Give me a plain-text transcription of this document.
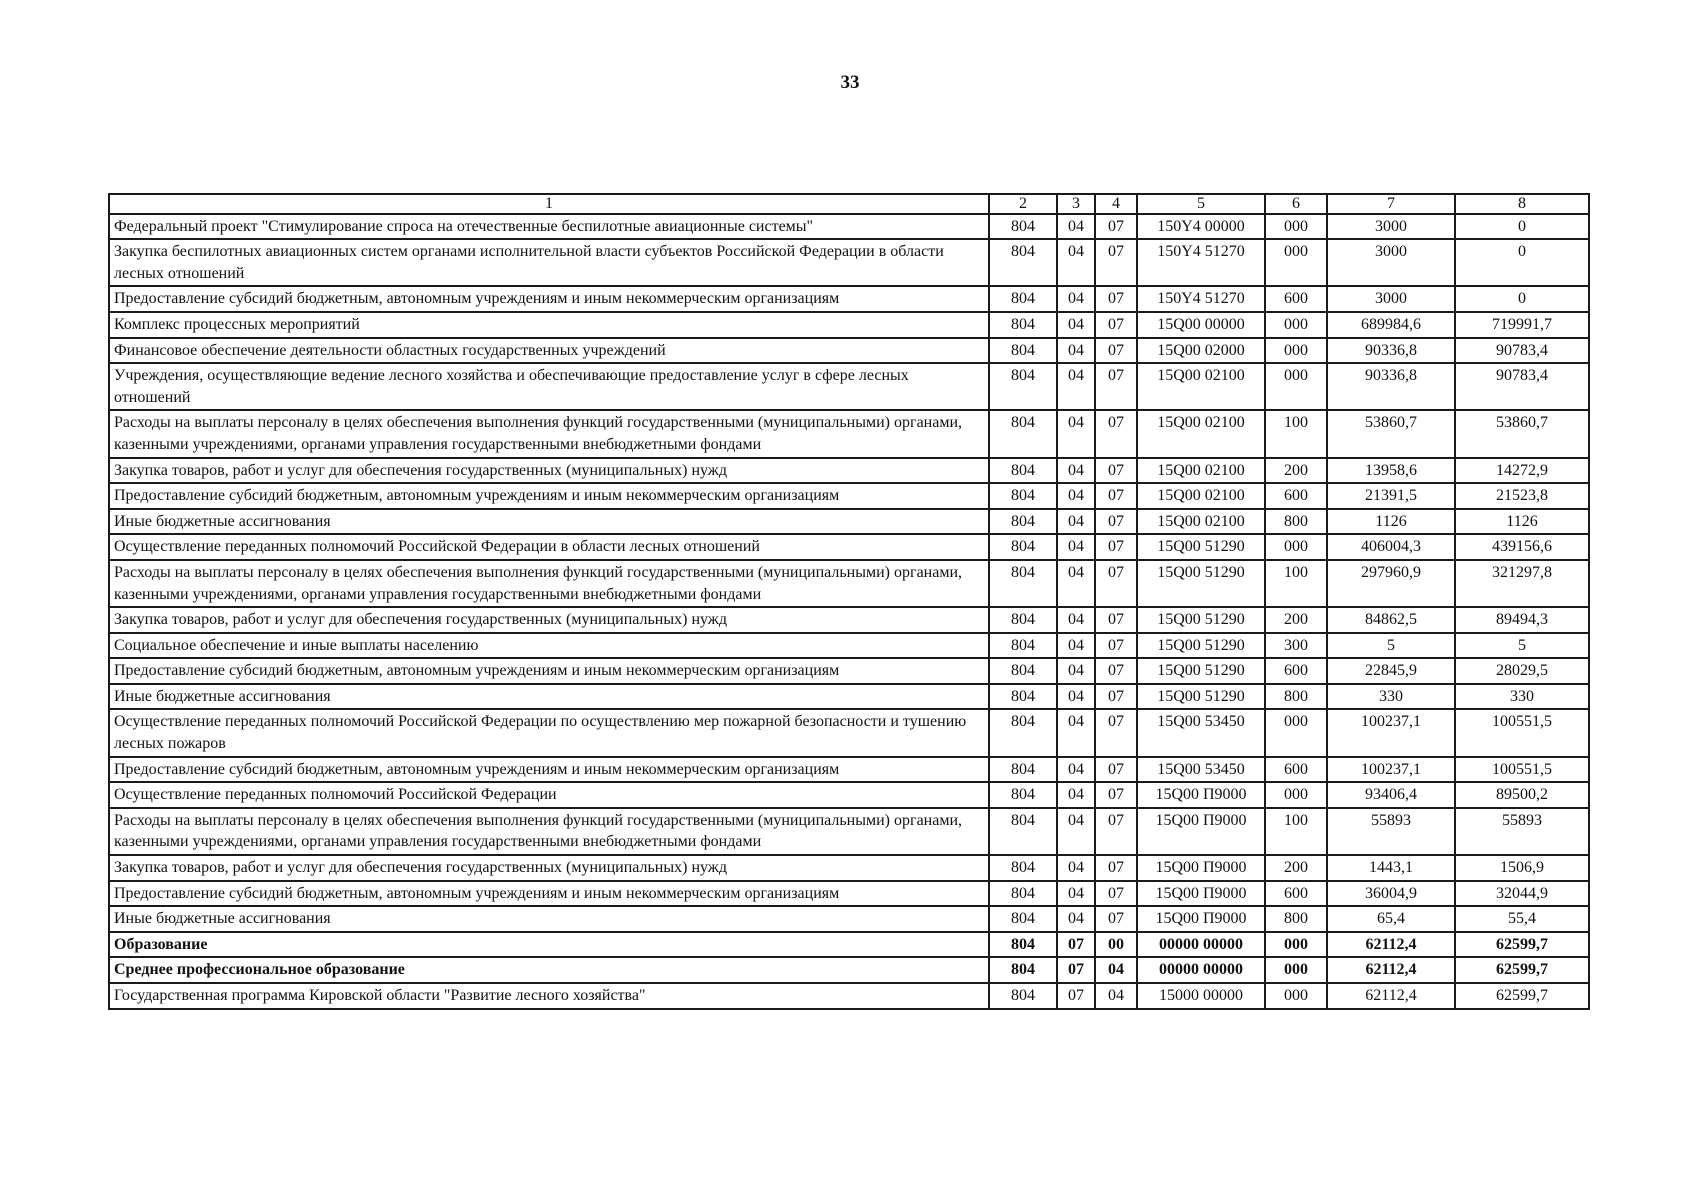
33
1	2	3	4	5	6	7	8
Федеральный проект "Стимулирование спроса на отечественные беспилотные авиационные системы"	804	04	07	150Y4 00000	000	3000	0
Закупка беспилотных авиационных систем органами исполнительной власти субъектов Российской Федерации в области лесных отношений	804	04	07	150Y4 51270	000	3000	0
Предоставление субсидий бюджетным, автономным учреждениям и иным некоммерческим организациям	804	04	07	150Y4 51270	600	3000	0
Комплекс процессных мероприятий	804	04	07	15Q00 00000	000	689984,6	719991,7
Финансовое обеспечение деятельности областных государственных учреждений	804	04	07	15Q00 02000	000	90336,8	90783,4
Учреждения, осуществляющие ведение лесного хозяйства и обеспечивающие предоставление услуг в сфере лесных отношений	804	04	07	15Q00 02100	000	90336,8	90783,4
Расходы на выплаты персоналу в целях обеспечения выполнения функций государственными (муниципальными) органами, казенными учреждениями, органами управления государственными внебюджетными фондами	804	04	07	15Q00 02100	100	53860,7	53860,7
Закупка товаров, работ и услуг для обеспечения государственных (муниципальных) нужд	804	04	07	15Q00 02100	200	13958,6	14272,9
Предоставление субсидий бюджетным, автономным учреждениям и иным некоммерческим организациям	804	04	07	15Q00 02100	600	21391,5	21523,8
Иные бюджетные ассигнования	804	04	07	15Q00 02100	800	1126	1126
Осуществление переданных полномочий Российской Федерации в области лесных отношений	804	04	07	15Q00 51290	000	406004,3	439156,6
Расходы на выплаты персоналу в целях обеспечения выполнения функций государственными (муниципальными) органами, казенными учреждениями, органами управления государственными внебюджетными фондами	804	04	07	15Q00 51290	100	297960,9	321297,8
Закупка товаров, работ и услуг для обеспечения государственных (муниципальных) нужд	804	04	07	15Q00 51290	200	84862,5	89494,3
Социальное обеспечение и иные выплаты населению	804	04	07	15Q00 51290	300	5	5
Предоставление субсидий бюджетным, автономным учреждениям и иным некоммерческим организациям	804	04	07	15Q00 51290	600	22845,9	28029,5
Иные бюджетные ассигнования	804	04	07	15Q00 51290	800	330	330
Осуществление переданных полномочий Российской Федерации по осуществлению мер пожарной безопасности и тушению лесных пожаров	804	04	07	15Q00 53450	000	100237,1	100551,5
Предоставление субсидий бюджетным, автономным учреждениям и иным некоммерческим организациям	804	04	07	15Q00 53450	600	100237,1	100551,5
Осуществление переданных полномочий Российской Федерации	804	04	07	15Q00 П9000	000	93406,4	89500,2
Расходы на выплаты персоналу в целях обеспечения выполнения функций государственными (муниципальными) органами, казенными учреждениями, органами управления государственными внебюджетными фондами	804	04	07	15Q00 П9000	100	55893	55893
Закупка товаров, работ и услуг для обеспечения государственных (муниципальных) нужд	804	04	07	15Q00 П9000	200	1443,1	1506,9
Предоставление субсидий бюджетным, автономным учреждениям и иным некоммерческим организациям	804	04	07	15Q00 П9000	600	36004,9	32044,9
Иные бюджетные ассигнования	804	04	07	15Q00 П9000	800	65,4	55,4
Образование	804	07	00	00000 00000	000	62112,4	62599,7
Среднее профессиональное образование	804	07	04	00000 00000	000	62112,4	62599,7
Государственная программа Кировской области "Развитие лесного хозяйства"	804	07	04	15000 00000	000	62112,4	62599,7
